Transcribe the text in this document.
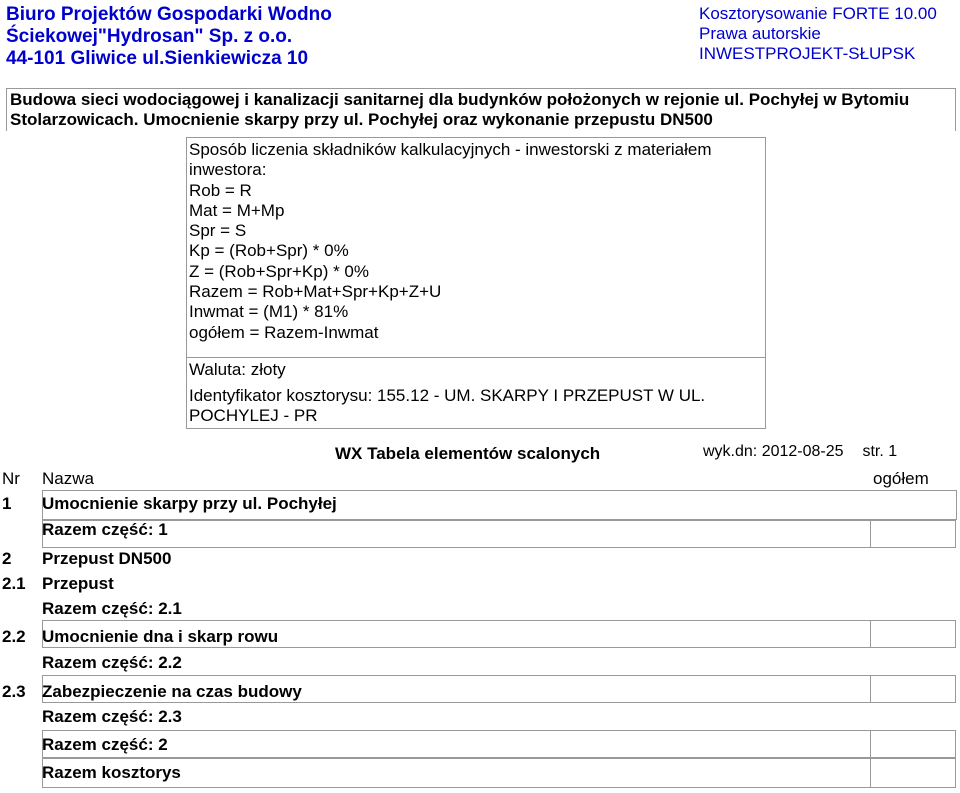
Biuro Projektów Gospodarki Wodno
Ściekowej"Hydrosan" Sp. z o.o.
44-101 Gliwice ul.Sienkiewicza 10
Kosztorysowanie FORTE 10.00
Prawa autorskie
INWESTPROJEKT-SŁUPSK
Budowa sieci wodociągowej i kanalizacji sanitarnej dla budynków położonych w rejonie ul. Pochyłej w Bytomiu Stolarzowicach. Umocnienie skarpy przy ul. Pochyłej oraz wykonanie przepustu DN500
Sposób liczenia składników kalkulacyjnych - inwestorski z materiałem
inwestora:
Rob = R
Mat = M+Mp
Spr = S
Kp = (Rob+Spr) * 0%
Z = (Rob+Spr+Kp) * 0%
Razem = Rob+Mat+Spr+Kp+Z+U
Inwmat = (M1) * 81%
ogółem = Razem-Inwmat
Waluta: złoty
Identyfikator kosztorysu: 155.12 - UM. SKARPY I PRZEPUST W UL. POCHYLEJ - PR
WX Tabela elementów scalonych	wyk.dn: 2012-08-25 str. 1
Nr Nazwa	ogółem
1 Umocnienie skarpy przy ul. Pochyłej
Razem część: 1
2 Przepust DN500
2.1 Przepust
Razem część: 2.1
2.2 Umocnienie dna i skarp rowu
Razem część: 2.2
2.3 Zabezpieczenie na czas budowy
Razem część: 2.3
Razem część: 2
Razem kosztorys
